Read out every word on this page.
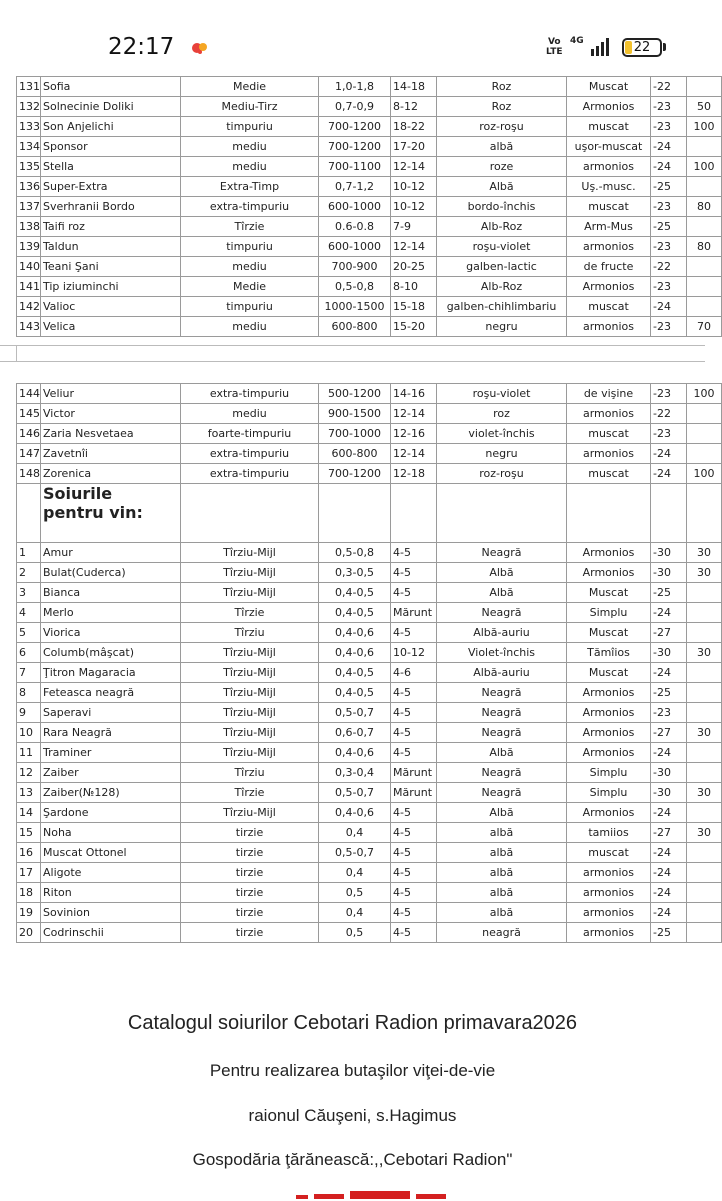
22:17	Vo
LTE
4G	22
131	Sofia	Medie	1,0-1,8	14-18	Roz	Muscat	-22	
132	Solnecinie Doliki	Mediu-Tirz	0,7-0,9	8-12	Roz	Armonios	-23	50
133	Son Anjelichi	timpuriu	700-1200	18-22	roz-roşu	muscat	-23	100
134	Sponsor	mediu	700-1200	17-20	albă	uşor-muscat	-24	
135	Stella	mediu	700-1100	12-14	roze	armonios	-24	100
136	Super-Extra	Extra-Timp	0,7-1,2	10-12	Albă	Uş.-musc.	-25	
137	Sverhranii Bordo	extra-timpuriu	600-1000	10-12	bordo-închis	muscat	-23	80
138	Taifi roz	Tîrzie	0.6-0.8	7-9	Alb-Roz	Arm-Mus	-25	
139	Taldun	timpuriu	600-1000	12-14	roşu-violet	armonios	-23	80
140	Teani Şani	mediu	700-900	20-25	galben-lactic	de fructe	-22	
141	Tip iziuminchi	Medie	0,5-0,8	8-10	Alb-Roz	Armonios	-23	
142	Valioc	timpuriu	1000-1500	15-18	galben-chihlimbariu	muscat	-24	
143	Velica	mediu	600-800	15-20	negru	armonios	-23	70
144	Veliur	extra-timpuriu	500-1200	14-16	roşu-violet	de vişine	-23	100
145	Victor	mediu	900-1500	12-14	roz	armonios	-22	
146	Zaria Nesvetaea	foarte-timpuriu	700-1000	12-16	violet-închis	muscat	-23	
147	Zavetnîi	extra-timpuriu	600-800	12-14	negru	armonios	-24	
148	Zorenica	extra-timpuriu	700-1200	12-18	roz-roşu	muscat	-24	100
	Soiurile pentru vin:							
1	Amur	Tîrziu-Mijl	0,5-0,8	4-5	Neagră	Armonios	-30	30
2	Bulat(Cuderca)	Tîrziu-Mijl	0,3-0,5	4-5	Albă	Armonios	-30	30
3	Bianca	Tîrziu-Mijl	0,4-0,5	4-5	Albă	Muscat	-25	
4	Merlo	Tîrzie	0,4-0,5	Mărunt	Neagră	Simplu	-24	
5	Viorica	Tîrziu	0,4-0,6	4-5	Albă-auriu	Muscat	-27	
6	Columb(mâşcat)	Tîrziu-Mijl	0,4-0,6	10-12	Violet-închis	Tămîios	-30	30
7	Ţitron Magaracia	Tîrziu-Mijl	0,4-0,5	4-6	Albă-auriu	Muscat	-24	
8	Feteasca neagră	Tîrziu-Mijl	0,4-0,5	4-5	Neagră	Armonios	-25	
9	Saperavi	Tîrziu-Mijl	0,5-0,7	4-5	Neagră	Armonios	-23	
10	Rara Neagră	Tîrziu-Mijl	0,6-0,7	4-5	Neagră	Armonios	-27	30
11	Traminer	Tîrziu-Mijl	0,4-0,6	4-5	Albă	Armonios	-24	
12	Zaiber	Tîrziu	0,3-0,4	Mărunt	Neagră	Simplu	-30	
13	Zaiber(№128)	Tîrzie	0,5-0,7	Mărunt	Neagră	Simplu	-30	30
14	Şardone	Tîrziu-Mijl	0,4-0,6	4-5	Albă	Armonios	-24	
15	Noha	tirzie	0,4	4-5	albă	tamiios	-27	30
16	Muscat Ottonel	tirzie	0,5-0,7	4-5	albă	muscat	-24	
17	Aligote	tirzie	0,4	4-5	albă	armonios	-24	
18	Riton	tirzie	0,5	4-5	albă	armonios	-24	
19	Sovinion	tirzie	0,4	4-5	albă	armonios	-24	
20	Codrinschii	tirzie	0,5	4-5	neagră	armonios	-25	
Catalogul soiurilor Cebotari Radion primavara2026
Pentru realizarea butaşilor viţei-de-vie
raionul Căuşeni, s.Hagimus
Gospodăria ţărănească:,,Cebotari Radion"
